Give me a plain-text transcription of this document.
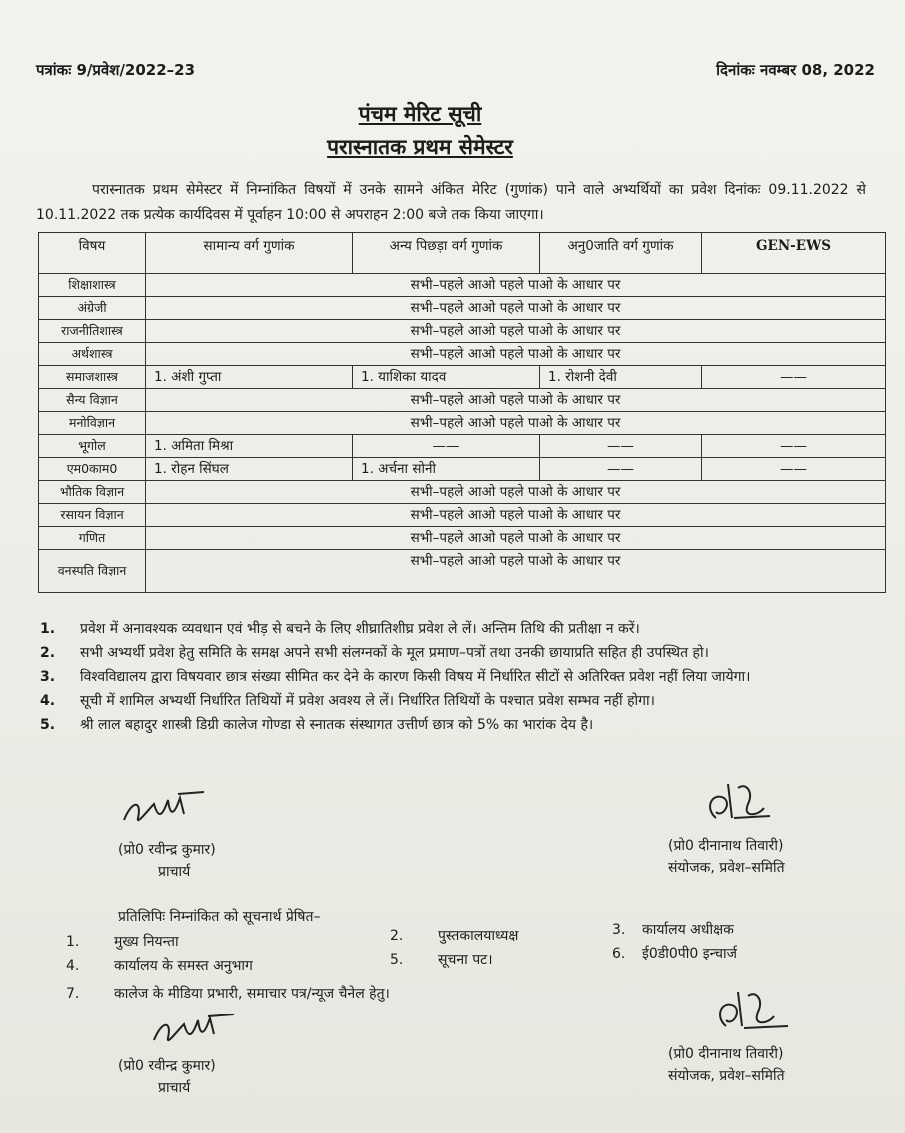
पत्रांकः 9/प्रवेश/2022–23	दिनांकः नवम्बर 08, 2022
पंचम मेरिट सूची
परास्नातक प्रथम सेमेस्टर
परास्नातक प्रथम सेमेस्टर में निम्नांकित विषयों में उनके सामने अंकित मेरिट (गुणांक) पाने वाले अभ्यर्थियों का प्रवेश दिनांकः 09.11.2022 से 10.11.2022 तक प्रत्येक कार्यदिवस में पूर्वाहन 10:00 से अपराहन 2:00 बजे तक किया जाएगा।
विषय	सामान्य वर्ग गुणांक	अन्य पिछड़ा वर्ग गुणांक	अनु0जाति वर्ग गुणांक	GEN-EWS
शिक्षाशास्त्र	सभी–पहले आओ पहले पाओ के आधार पर			
अंग्रेजी	सभी–पहले आओ पहले पाओ के आधार पर			
राजनीतिशास्त्र	सभी–पहले आओ पहले पाओ के आधार पर			
अर्थशास्त्र	सभी–पहले आओ पहले पाओ के आधार पर			
समाजशास्त्र	1. अंशी गुप्ता	1. याशिका यादव	1. रोशनी देवी	——
सैन्य विज्ञान	सभी–पहले आओ पहले पाओ के आधार पर			
मनोविज्ञान	सभी–पहले आओ पहले पाओ के आधार पर			
भूगोल	1. अमिता मिश्रा	——	——	——
एम0काम0	1. रोहन सिंघल	1. अर्चना सोनी	——	——
भौतिक विज्ञान	सभी–पहले आओ पहले पाओ के आधार पर			
रसायन विज्ञान	सभी–पहले आओ पहले पाओ के आधार पर			
गणित	सभी–पहले आओ पहले पाओ के आधार पर			
वनस्पति विज्ञान	सभी–पहले आओ पहले पाओ के आधार पर			
1. प्रवेश में अनावश्यक व्यवधान एवं भीड़ से बचने के लिए शीघ्रातिशीघ्र प्रवेश ले लें। अन्तिम तिथि की प्रतीक्षा न करें।
2. सभी अभ्यर्थी प्रवेश हेतु समिति के समक्ष अपने सभी संलग्नकों के मूल प्रमाण–पत्रों तथा उनकी छायाप्रति सहित ही उपस्थित हो।
3. विश्वविद्यालय द्वारा विषयवार छात्र संख्या सीमित कर देने के कारण किसी विषय में निर्धारित सीटों से अतिरिक्त प्रवेश नहीं लिया जायेगा।
4. सूची में शामिल अभ्यर्थी निर्धारित तिथियों में प्रवेश अवश्य ले लें। निर्धारित तिथियों के पश्चात प्रवेश सम्भव नहीं होगा।
5. श्री लाल बहादुर शास्त्री डिग्री कालेज गोण्डा से स्नातक संस्थागत उत्तीर्ण छात्र को 5% का भारांक देय है।
(प्रो0 रवीन्द्र कुमार)
प्राचार्य
(प्रो0 दीनानाथ तिवारी)
संयोजक, प्रवेश–समिति
प्रतिलिपिः निम्नांकित को सूचनार्थ प्रेषित–
1. मुख्य नियन्ता	2. पुस्तकालयाध्यक्ष	3. कार्यालय अधीक्षक
4. कार्यालय के समस्त अनुभाग	5. सूचना पट।	6. ई0डी0पी0 इन्चार्ज
7. कालेज के मीडिया प्रभारी, समाचार पत्र/न्यूज चैनेल हेतु।
(प्रो0 रवीन्द्र कुमार)
प्राचार्य
(प्रो0 दीनानाथ तिवारी)
संयोजक, प्रवेश–समिति
